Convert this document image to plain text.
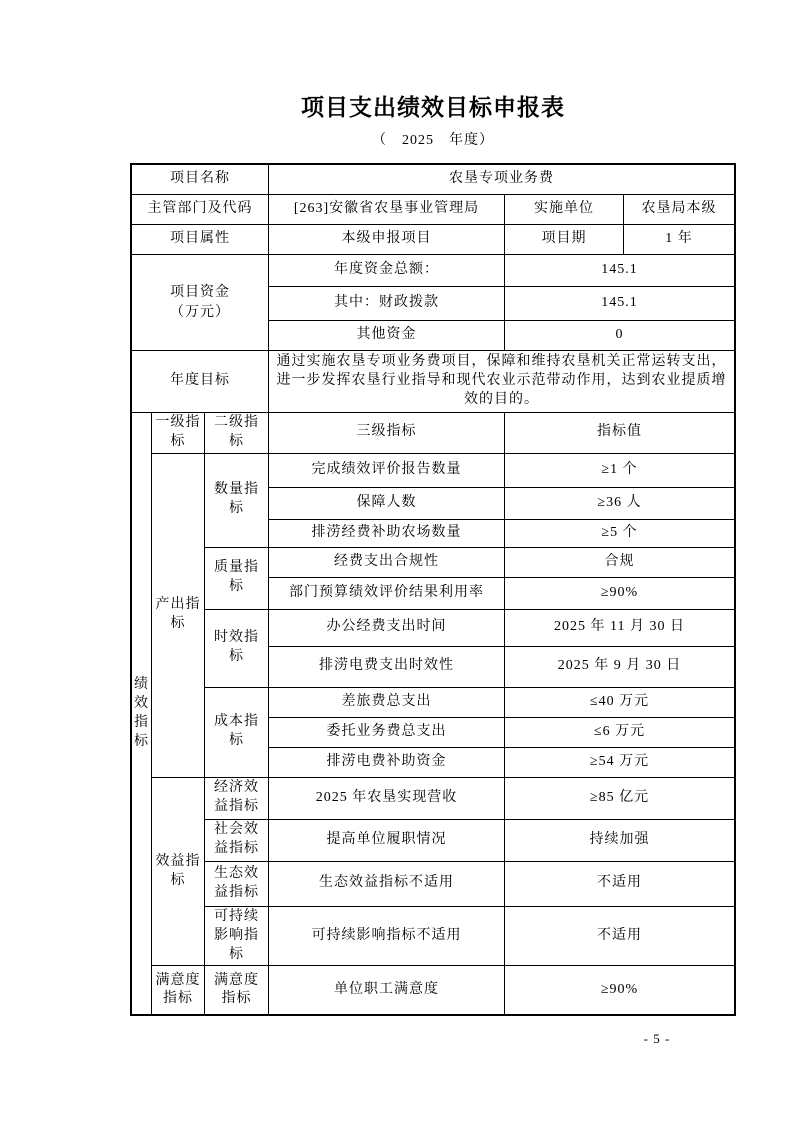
项目支出绩效目标申报表
（　2025　年度）
项目名称	农垦专项业务费		
主管部门及代码	[263]安徽省农垦事业管理局	实施单位	农垦局本级
项目属性	本级申报项目	项目期	1 年

项目资金
（万元）	年度资金总额：	145.1	
	其中：财政拨款	145.1	
	其他资金	0	
年度目标	通过实施农垦专项业务费项目，保障和维持农垦机关正常运转支出，进一步发挥农垦行业指导和现代农业示范带动作用，达到农业提质增效的目的。		
绩效指标	一级指标	二级指标	三级指标	指标值
	产出指标	数量指标	完成绩效评价报告数量	≥1 个
			保障人数	≥36 人
			排涝经费补助农场数量	≥5 个
		质量指标	经费支出合规性	合规
			部门预算绩效评价结果利用率	≥90%
		时效指标	办公经费支出时间	2025 年 11 月 30 日
			排涝电费支出时效性	2025 年 9 月 30 日
		成本指标	差旅费总支出	≤40 万元
			委托业务费总支出	≤6 万元
			排涝电费补助资金	≥54 万元
	效益指标	经济效益指标	2025 年农垦实现营收	≥85 亿元
		社会效益指标	提高单位履职情况	持续加强
		生态效益指标	生态效益指标不适用	不适用
		可持续影响指标	可持续影响指标不适用	不适用
	满意度指标	满意度指标	单位职工满意度	≥90%
- 5 -
